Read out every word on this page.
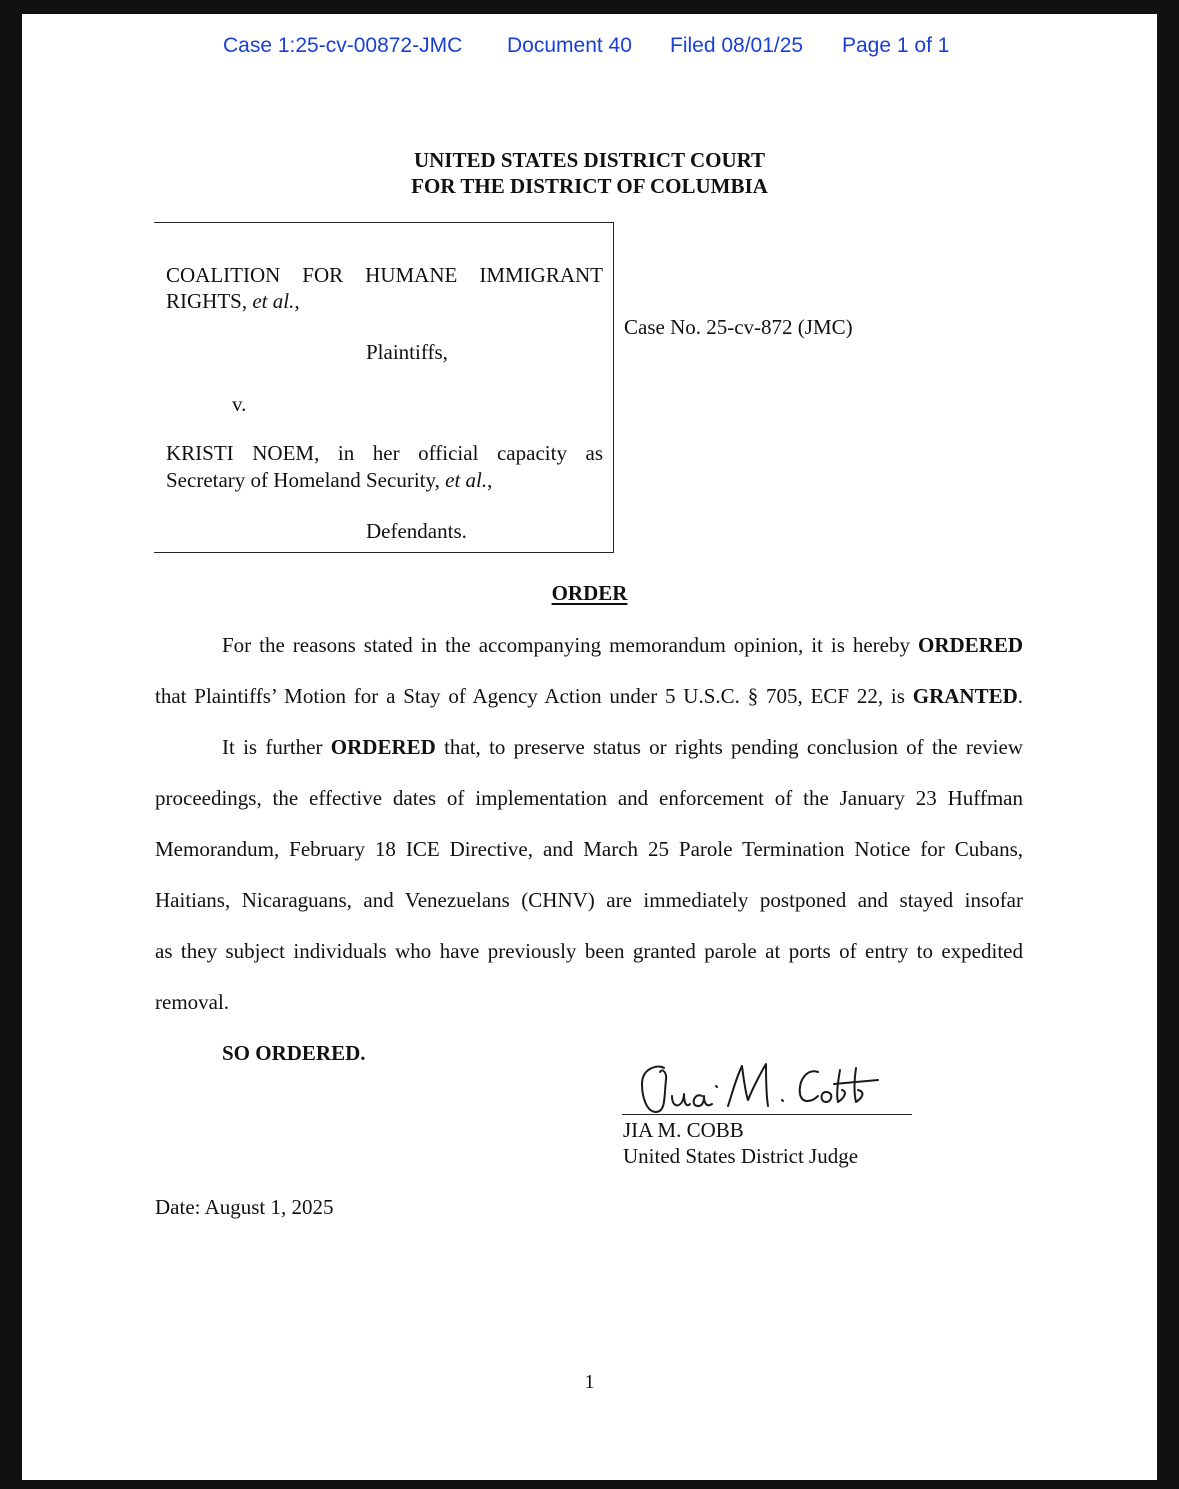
Case 1:25-cv-00872-JMC Document 40 Filed 08/01/25 Page 1 of 1
UNITED STATES DISTRICT COURT
FOR THE DISTRICT OF COLUMBIA
COALITION FOR HUMANE IMMIGRANT
RIGHTS, et al.,
Plaintiffs,
v.
KRISTI NOEM, in her official capacity as
Secretary of Homeland Security, et al.,
Defendants.
Case No. 25-cv-872 (JMC)
ORDER
For the reasons stated in the accompanying memorandum opinion, it is hereby ORDERED
that Plaintiffs’ Motion for a Stay of Agency Action under 5 U.S.C. § 705, ECF 22, is GRANTED.
It is further ORDERED that, to preserve status or rights pending conclusion of the review
proceedings, the effective dates of implementation and enforcement of the January 23 Huffman
Memorandum, February 18 ICE Directive, and March 25 Parole Termination Notice for Cubans,
Haitians, Nicaraguans, and Venezuelans (CHNV) are immediately postponed and stayed insofar
as they subject individuals who have previously been granted parole at ports of entry to expedited
removal.
SO ORDERED.
JIA M. COBB
United States District Judge
Date: August 1, 2025
1
